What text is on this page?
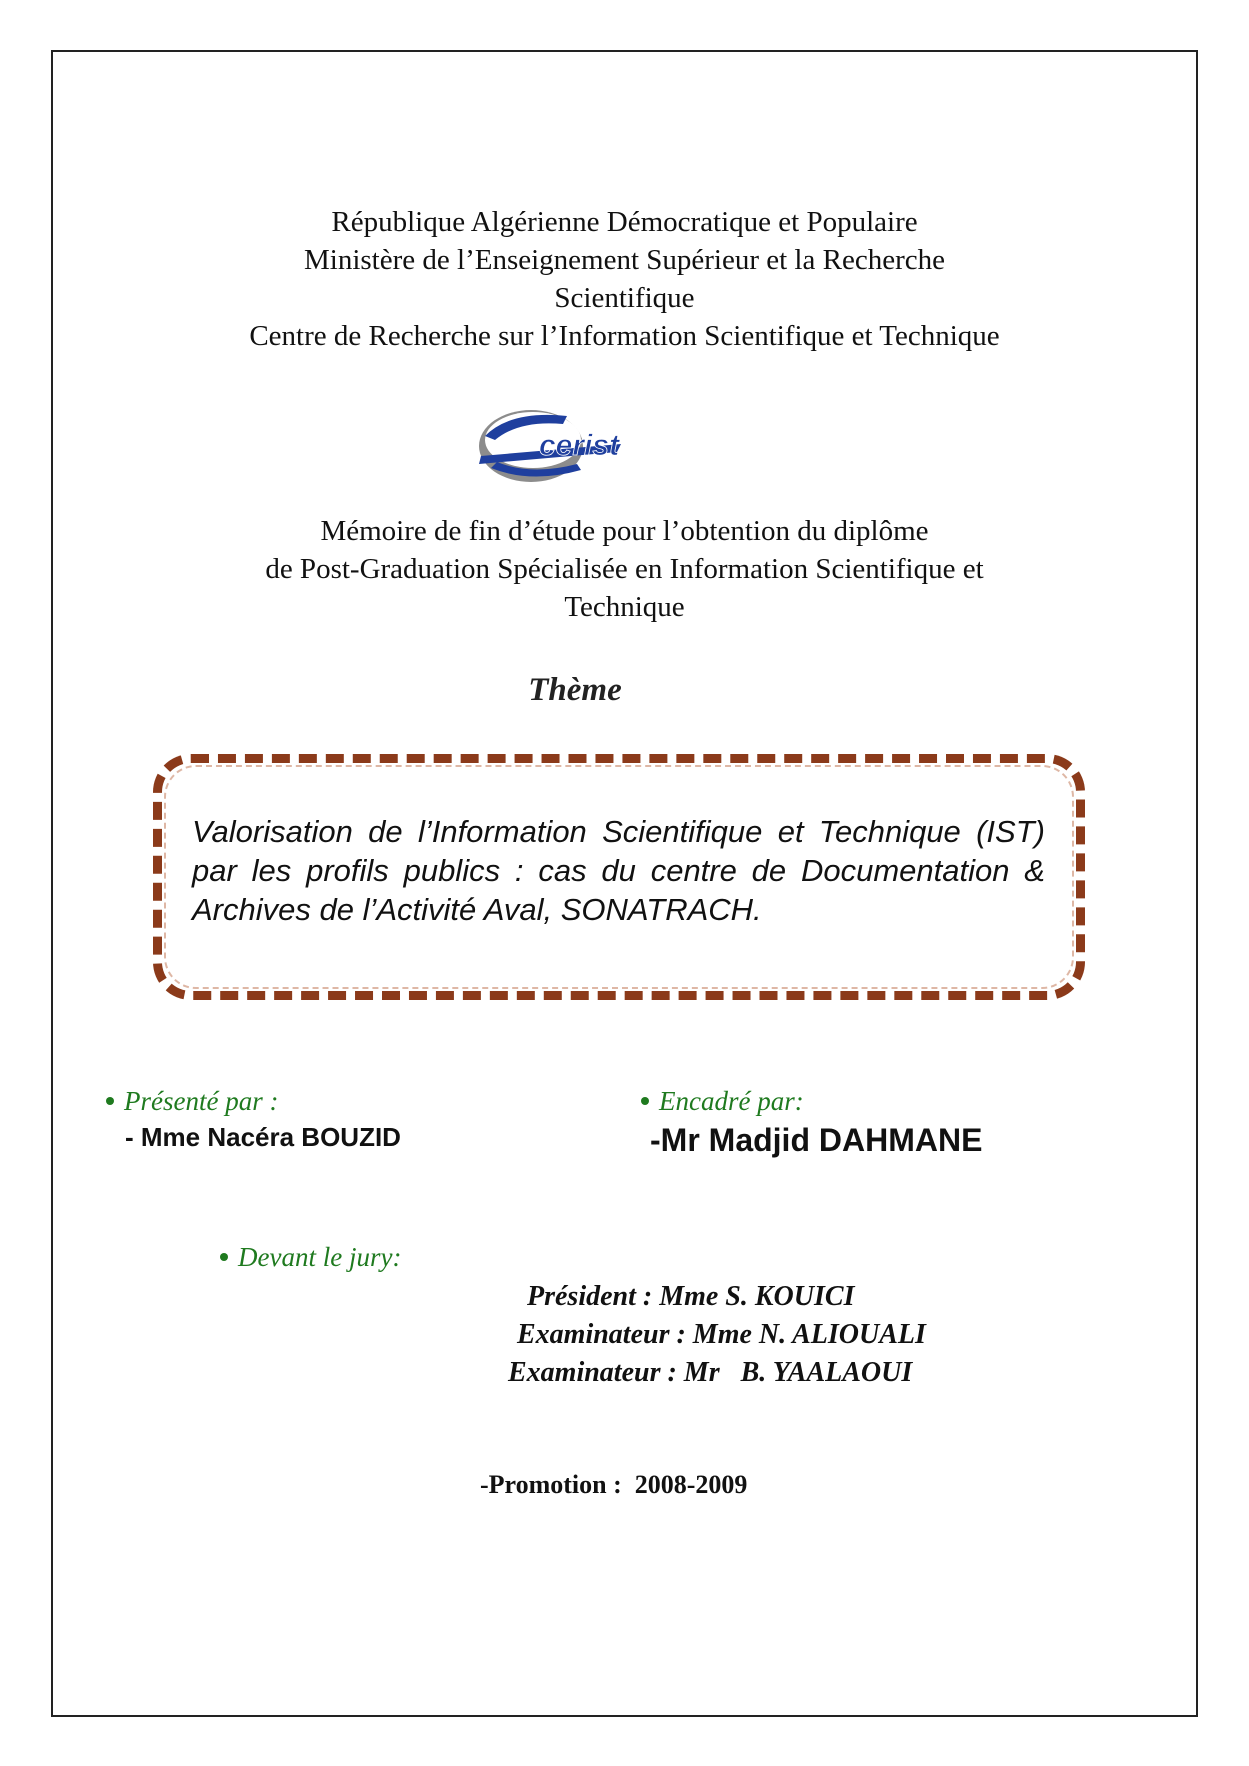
République Algérienne Démocratique et Populaire
Ministère de l’Enseignement Supérieur et la Recherche
Scientifique
Centre de Recherche sur l’Information Scientifique et Technique
cerist
Mémoire de fin d’étude pour l’obtention du diplôme
de Post-Graduation Spécialisée en Information Scientifique et
Technique
Thème
Valorisation de l’Information Scientifique et Technique (IST) par les profils publics : cas du centre de Documentation & Archives de l’Activité Aval, SONATRACH.
Présenté par :
- Mme Nacéra BOUZID
Encadré par:
-Mr Madjid DAHMANE
Devant le jury:
Président : Mme S. KOUICI
Examinateur : Mme N. ALIOUALI
Examinateur : Mr   B. YAALAOUI
-Promotion :  2008-2009
